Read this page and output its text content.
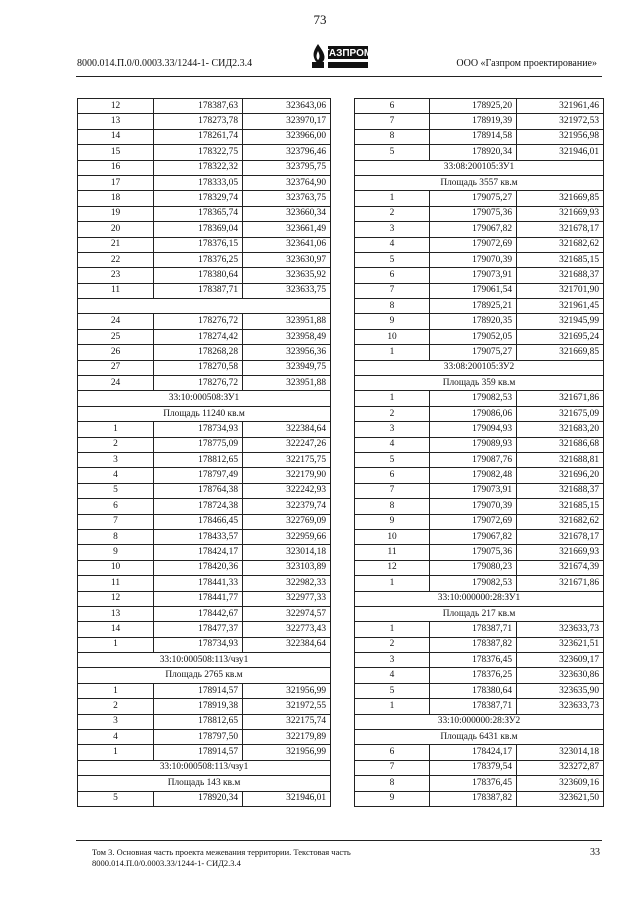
73
8000.014.П.0/0.0003.33/1244-1- СИД2.3.4
ГАЗПРОМ
ООО «Газпром проектирование»
12	178387,63	323643,06
13	178273,78	323970,17
14	178261,74	323966,00
15	178322,75	323796,46
16	178322,32	323795,75
17	178333,05	323764,90
18	178329,74	323763,75
19	178365,74	323660,34
20	178369,04	323661,49
21	178376,15	323641,06
22	178376,25	323630,97
23	178380,64	323635,92
11	178387,71	323633,75

24	178276,72	323951,88
25	178274,42	323958,49
26	178268,28	323956,36
27	178270,58	323949,75
24	178276,72	323951,88
33:10:000508:ЗУ1		
Площадь 11240 кв.м		
1	178734,93	322384,64
2	178775,09	322247,26
3	178812,65	322175,75
4	178797,49	322179,90
5	178764,38	322242,93
6	178724,38	322379,74
7	178466,45	322769,09
8	178433,57	322959,66
9	178424,17	323014,18
10	178420,36	323103,89
11	178441,33	322982,33
12	178441,77	322977,33
13	178442,67	322974,57
14	178477,37	322773,43
1	178734,93	322384,64
33:10:000508:113/чзу1		
Площадь 2765 кв.м		
1	178914,57	321956,99
2	178919,38	321972,55
3	178812,65	322175,74
4	178797,50	322179,89
1	178914,57	321956,99
33:10:000508:113/чзу1		
Площадь 143 кв.м		
5	178920,34	321946,01
6	178925,20	321961,46
7	178919,39	321972,53
8	178914,58	321956,98
5	178920,34	321946,01
33:08:200105:ЗУ1		
Площадь 3557 кв.м		
1	179075,27	321669,85
2	179075,36	321669,93
3	179067,82	321678,17
4	179072,69	321682,62
5	179070,39	321685,15
6	179073,91	321688,37
7	179061,54	321701,90
8	178925,21	321961,45
9	178920,35	321945,99
10	179052,05	321695,24
1	179075,27	321669,85
33:08:200105:ЗУ2		
Площадь 359 кв.м		
1	179082,53	321671,86
2	179086,06	321675,09
3	179094,93	321683,20
4	179089,93	321686,68
5	179087,76	321688,81
6	179082,48	321696,20
7	179073,91	321688,37
8	179070,39	321685,15
9	179072,69	321682,62
10	179067,82	321678,17
11	179075,36	321669,93
12	179080,23	321674,39
1	179082,53	321671,86
33:10:000000:28:ЗУ1		
Площадь 217 кв.м		
1	178387,71	323633,73
2	178387,82	323621,51
3	178376,45	323609,17
4	178376,25	323630,86
5	178380,64	323635,90
1	178387,71	323633,73
33:10:000000:28:ЗУ2		
Площадь 6431 кв.м		
6	178424,17	323014,18
7	178379,54	323272,87
8	178376,45	323609,16
9	178387,82	323621,50
Том 3. Основная часть проекта межевания территории. Текстовая часть
8000.014.П.0/0.0003.33/1244-1- СИД2.3.4
33
